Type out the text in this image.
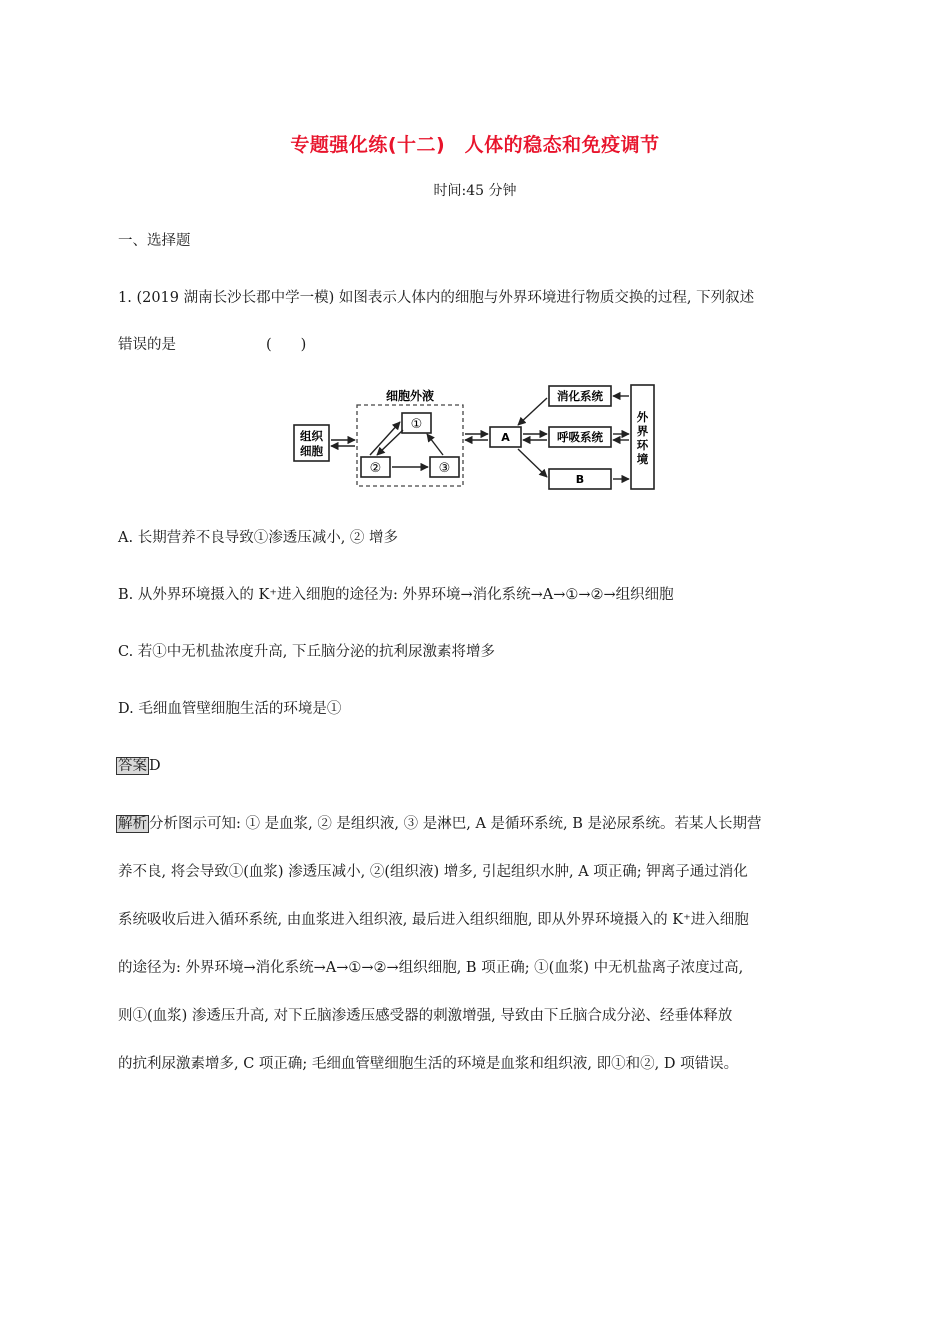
专题强化练(十二)　人体的稳态和免疫调节
时间:45 分钟
一、选择题
1. (2019 湖南长沙长郡中学一模) 如图表示人体内的细胞与外界环境进行物质交换的过程, 下列叙述
错误的是	(　　)
细胞外液
组织
细胞
①
②	③
A
消化系统
呼吸系统
B
外
界
环
境
A. 长期营养不良导致①渗透压减小, ② 增多
B. 从外界环境摄入的 K⁺进入细胞的途径为: 外界环境→消化系统→A→①→②→组织细胞
C. 若①中无机盐浓度升高, 下丘脑分泌的抗利尿激素将增多
D. 毛细血管壁细胞生活的环境是①
答案 D
解析 分析图示可知: ① 是血浆, ② 是组织液, ③ 是淋巴, A 是循环系统, B 是泌尿系统。若某人长期营
养不良, 将会导致①(血浆) 渗透压减小, ②(组织液) 增多, 引起组织水肿, A 项正确; 钾离子通过消化
系统吸收后进入循环系统, 由血浆进入组织液, 最后进入组织细胞, 即从外界环境摄入的 K⁺进入细胞
的途径为: 外界环境→消化系统→A→①→②→组织细胞, B 项正确; ①(血浆) 中无机盐离子浓度过高,
则①(血浆) 渗透压升高, 对下丘脑渗透压感受器的刺激增强, 导致由下丘脑合成分泌、经垂体释放
的抗利尿激素增多, C 项正确; 毛细血管壁细胞生活的环境是血浆和组织液, 即①和②, D 项错误。
